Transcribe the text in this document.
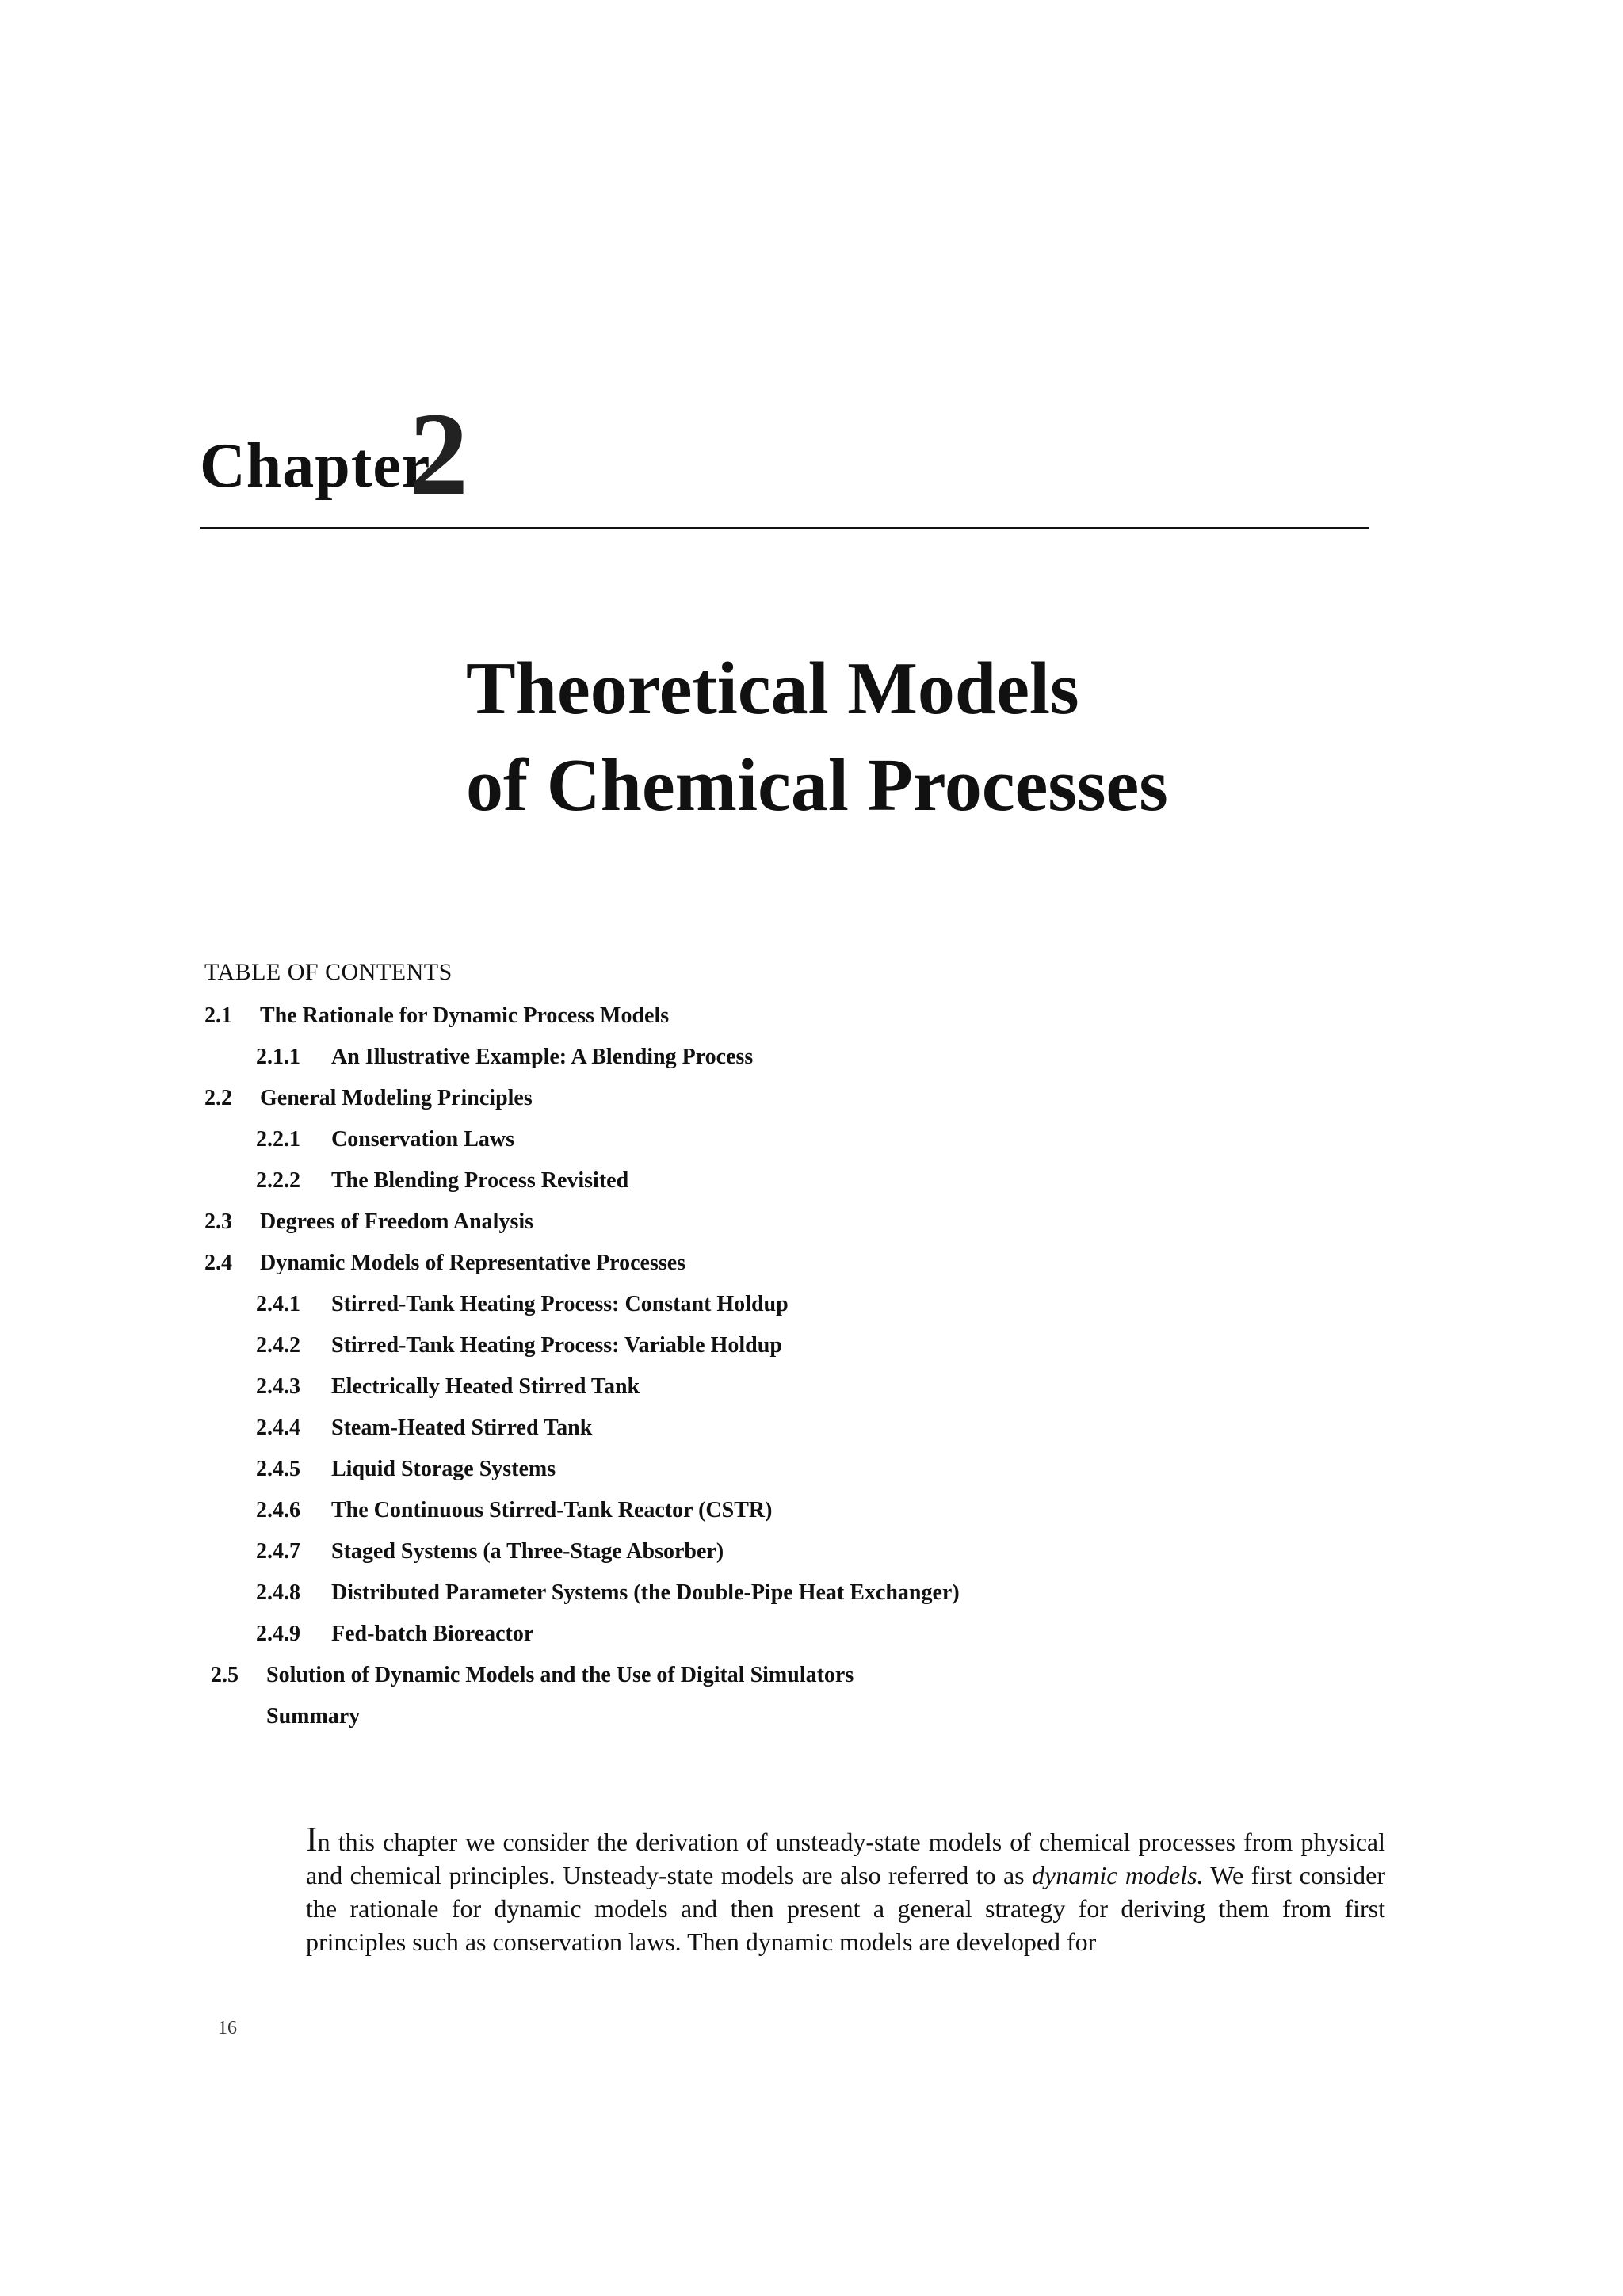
Chapter
2
Theoretical Models
of Chemical Processes
TABLE OF CONTENTS
2.1 The Rationale for Dynamic Process Models
2.1.1 An Illustrative Example: A Blending Process
2.2 General Modeling Principles
2.2.1 Conservation Laws
2.2.2 The Blending Process Revisited
2.3 Degrees of Freedom Analysis
2.4 Dynamic Models of Representative Processes
2.4.1 Stirred-Tank Heating Process: Constant Holdup
2.4.2 Stirred-Tank Heating Process: Variable Holdup
2.4.3 Electrically Heated Stirred Tank
2.4.4 Steam-Heated Stirred Tank
2.4.5 Liquid Storage Systems
2.4.6 The Continuous Stirred-Tank Reactor (CSTR)
2.4.7 Staged Systems (a Three-Stage Absorber)
2.4.8 Distributed Parameter Systems (the Double-Pipe Heat Exchanger)
2.4.9 Fed-batch Bioreactor
2.5 Solution of Dynamic Models and the Use of Digital Simulators
Summary
In this chapter we consider the derivation of unsteady-state models of chemical processes from physical and chemical principles. Unsteady-state models are also referred to as dynamic models. We first consider the rationale for dynamic models and then present a general strategy for deriving them from first principles such as conservation laws. Then dynamic models are developed for
16
